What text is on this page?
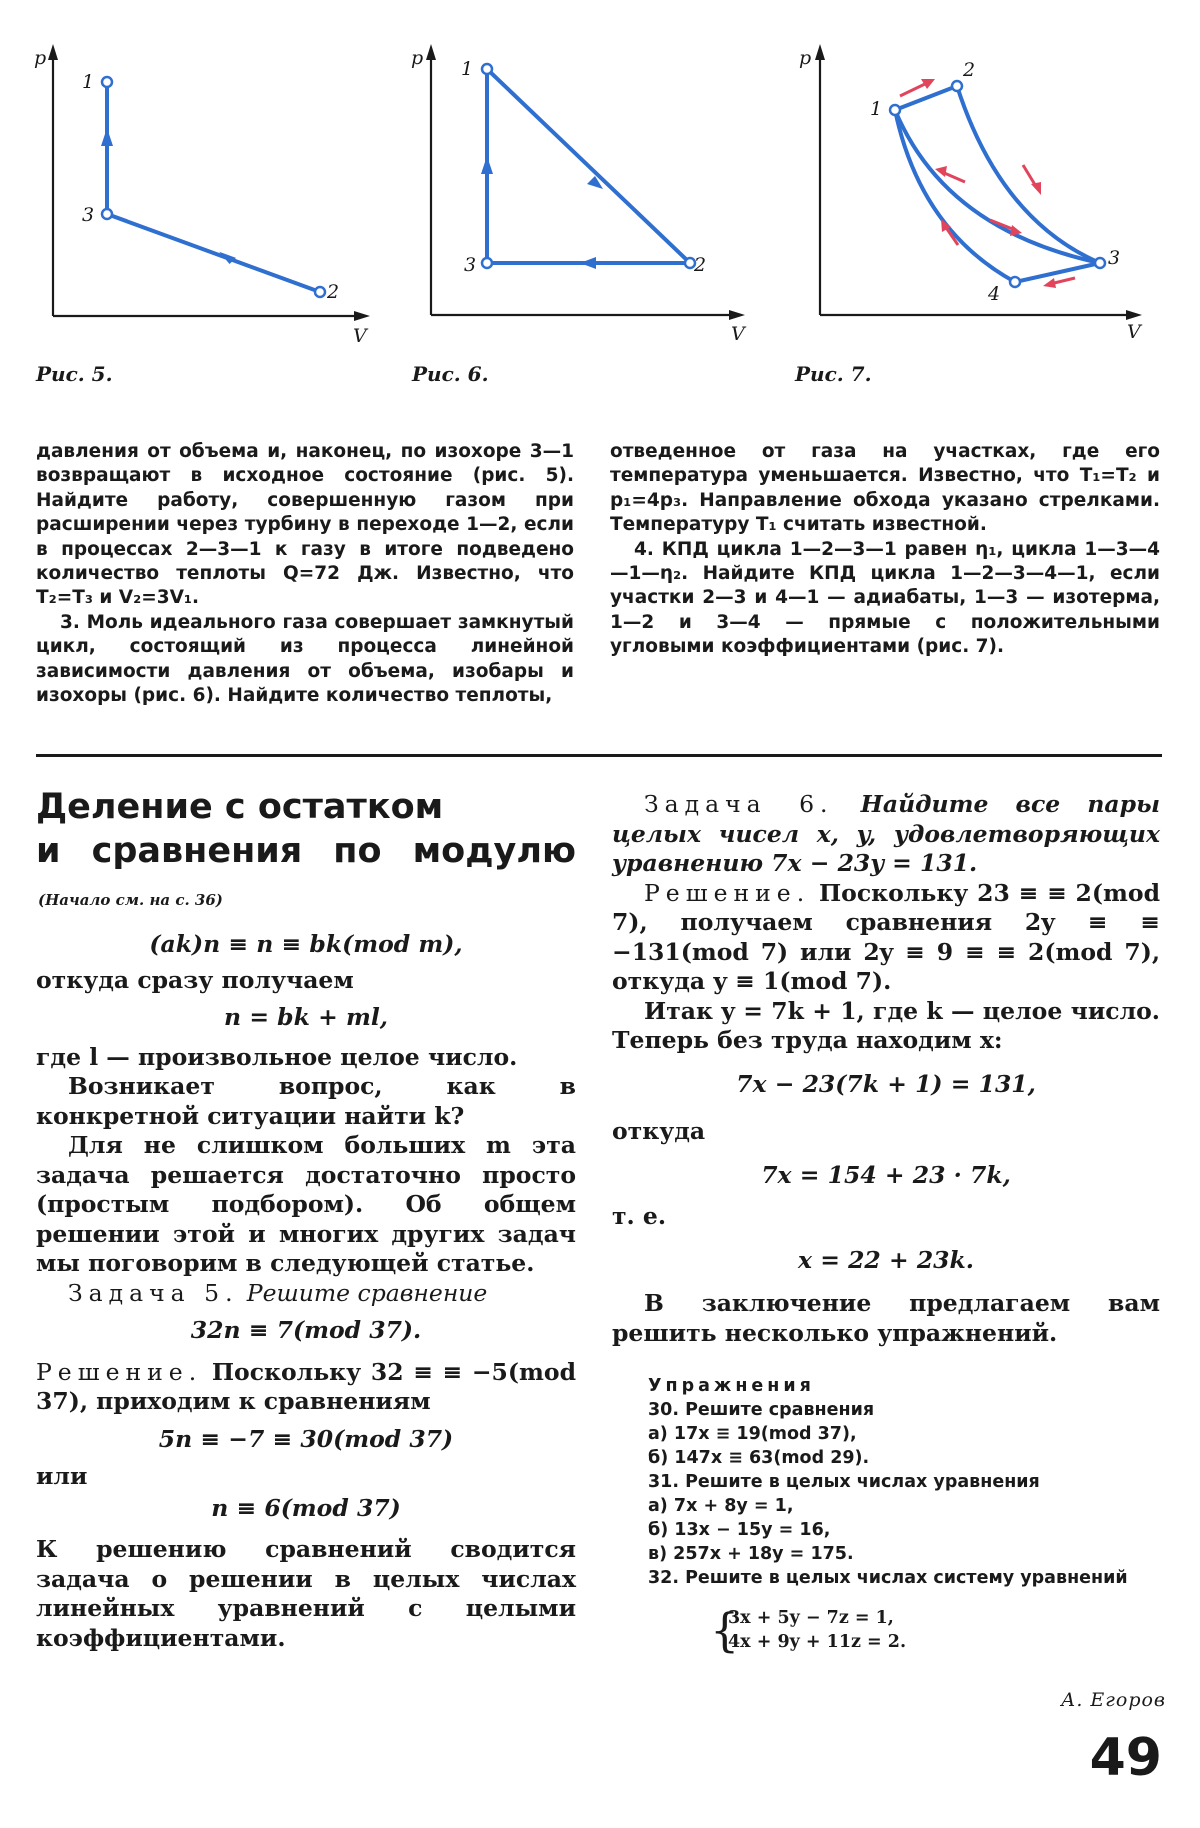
p
V
1
2
3
Рис. 5.
p
V
1
2
3
Рис. 6.
p
V
1
2
3
4
Рис. 7.

давления от объема и, наконец, по изохоре 3—1 возвращают в исходное состояние (рис. 5). Найдите работу, совершенную газом при расширении через турбину в переходе 1—2, если в процессах 2—3—1 к газу в итоге подведено количество теплоты Q=72 Дж. Известно, что T₂=T₃ и V₂=3V₁.

3. Моль идеального газа совершает замкнутый цикл, состоящий из процесса линейной зависимости давления от объема, изобары и изохоры (рис. 6). Найдите количество теплоты,

отведенное от газа на участках, где его температура уменьшается. Известно, что T₁=T₂ и p₁=4p₃. Направление обхода указано стрелками. Температуру T₁ считать известной.

4. КПД цикла 1—2—3—1 равен η₁, цикла 1—3—4—1—η₂. Найдите КПД цикла 1—2—3—4—1, если участки 2—3 и 4—1 — адиабаты, 1—3 — изотерма, 1—2 и 3—4 — прямые с положительными угловыми коэффициентами (рис. 7).

Деление с остатком
и сравнения по модулю
(Начало см. на с. 36)

(ak)n ≡ n ≡ bk(mod m),

откуда сразу получаем

n = bk + ml,

где l — произвольное целое число.

Возникает вопрос, как в конкретной ситуации найти k?

Для не слишком больших m эта задача решается достаточно просто (простым подбором). Об общем решении этой и многих других задач мы поговорим в следующей статье.

Задача 5. Решите сравнение

32n ≡ 7(mod 37).

Решение. Поскольку 32 ≡ ≡ −5(mod 37), приходим к сравнениям

5n ≡ −7 ≡ 30(mod 37)

или

n ≡ 6(mod 37)

К решению сравнений сводится задача о решении в целых числах линейных уравнений с целыми коэффициентами.

Задача 6. Найдите все пары целых чисел x, y, удовлетворяющих уравнению 7x − 23y = 131.

Решение. Поскольку 23 ≡ ≡ 2(mod 7), получаем сравнения 2y ≡ ≡ −131(mod 7) или 2y ≡ 9 ≡ ≡ 2(mod 7), откуда y ≡ 1(mod 7).

Итак y = 7k + 1, где k — целое число. Теперь без труда находим x:

7x − 23(7k + 1) = 131,

откуда

7x = 154 + 23 · 7k,

т. е.

x = 22 + 23k.

В заключение предлагаем вам решить несколько упражнений.

Упражнения

30. Решите сравнения

а) 17x ≡ 19(mod 37),

б) 147x ≡ 63(mod 29).

31. Решите в целых числах уравнения

а) 7x + 8y = 1,

б) 13x − 15y = 16,

в) 257x + 18y = 175.

32. Решите в целых числах систему уравнений

{
3x + 5y − 7z = 1,
4x + 9y + 11z = 2.
А. Егоров
49
